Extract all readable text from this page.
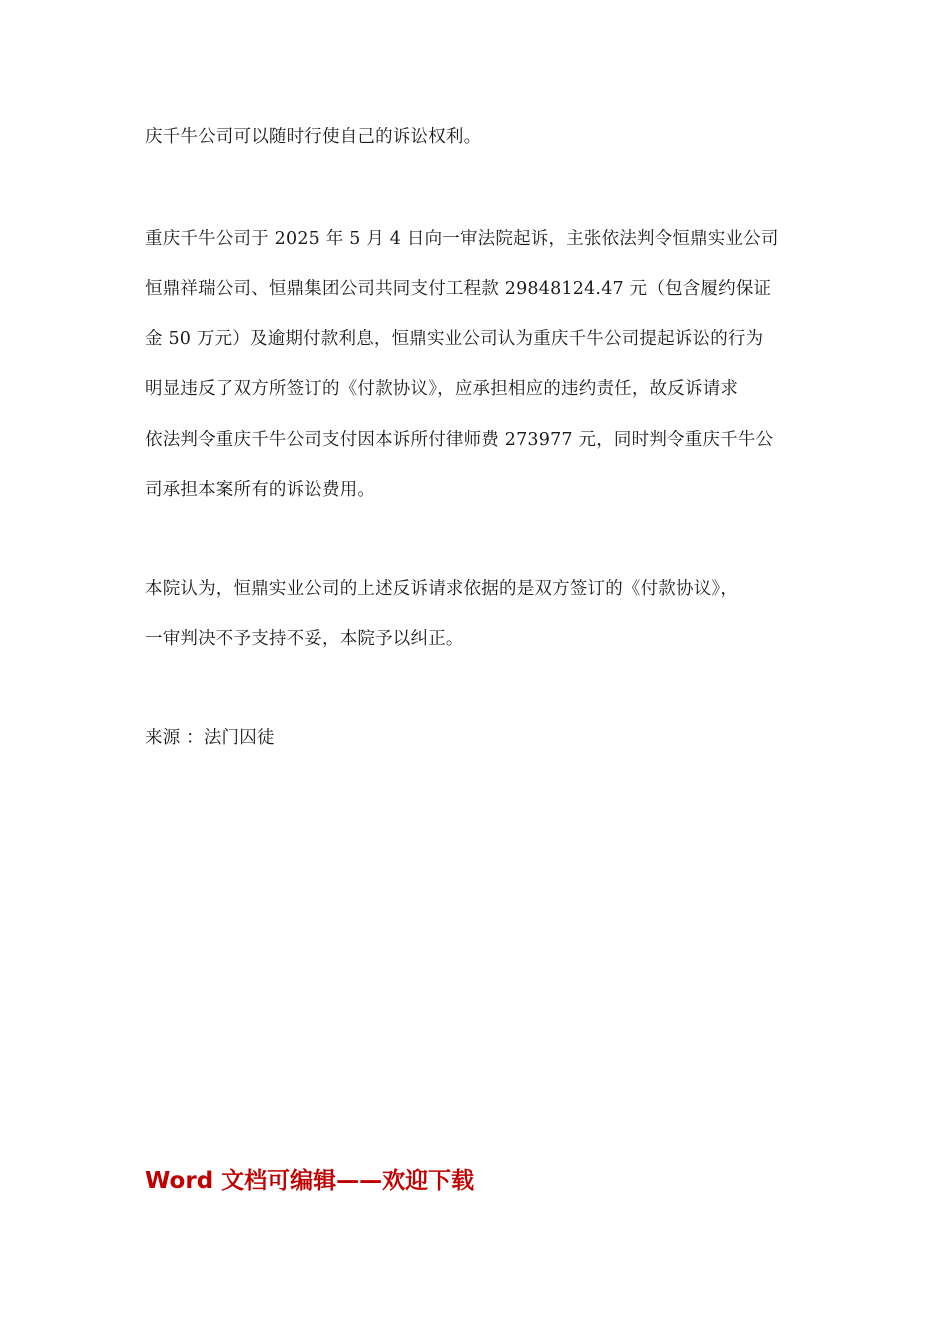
庆千牛公司可以随时行使自己的诉讼权利。
重庆千牛公司于 2025 年 5 月 4 日向一审法院起诉，主张依法判令恒鼎实业公司
恒鼎祥瑞公司、恒鼎集团公司共同支付工程款 29848124.47 元（包含履约保证
金 50 万元）及逾期付款利息，恒鼎实业公司认为重庆千牛公司提起诉讼的行为
明显违反了双方所签订的《付款协议》，应承担相应的违约责任，故反诉请求
依法判令重庆千牛公司支付因本诉所付律师费 273977 元，同时判令重庆千牛公
司承担本案所有的诉讼费用。
本院认为，恒鼎实业公司的上述反诉请求依据的是双方签订的《付款协议》，
一审判决不予支持不妥，本院予以纠正。
来源 ：法门囚徒
Word 文档可编辑——欢迎下载
